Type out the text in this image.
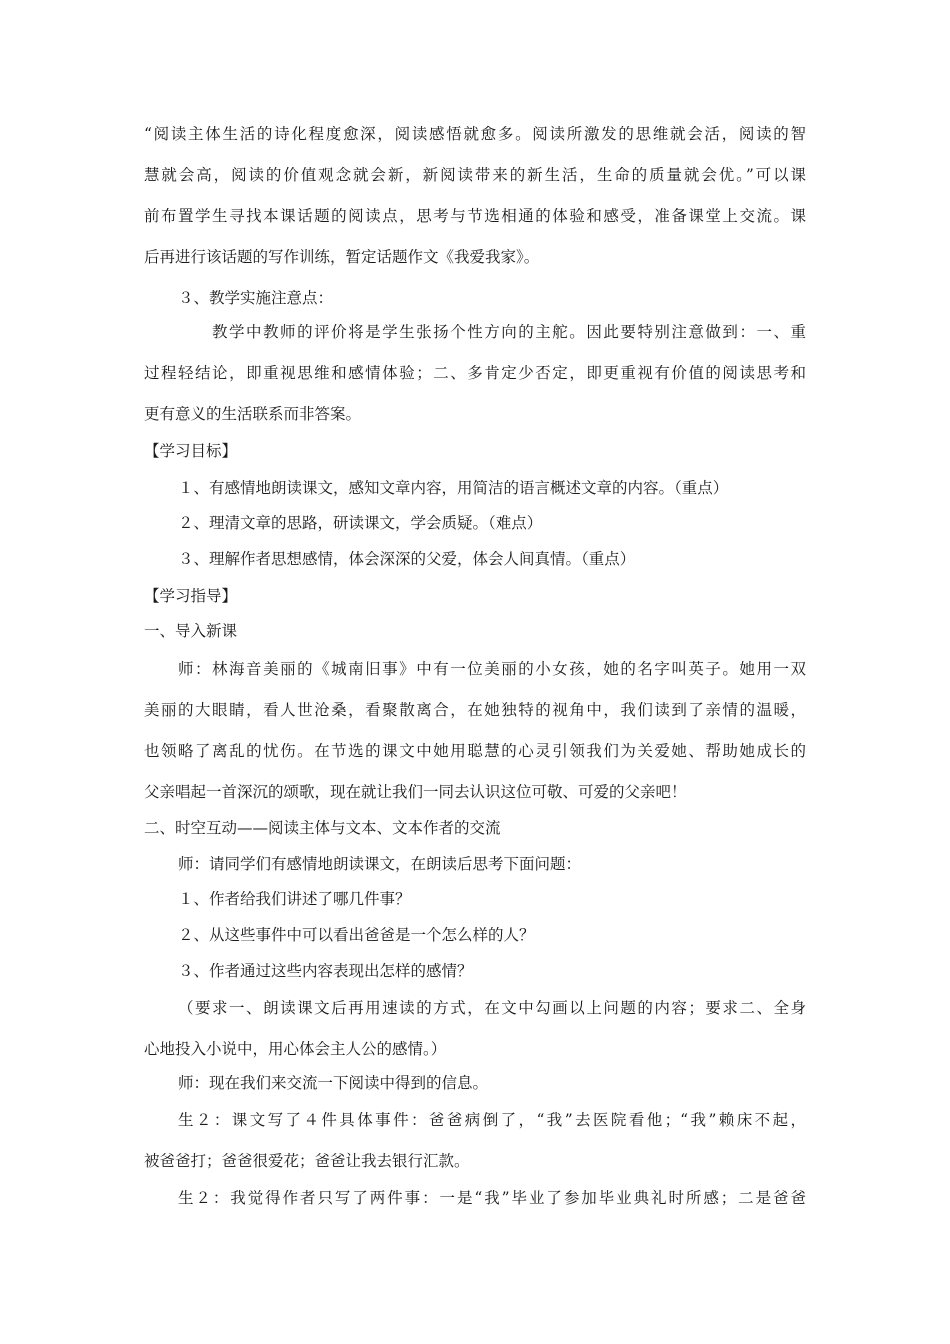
“阅读主体生活的诗化程度愈深，阅读感悟就愈多。阅读所激发的思维就会活，阅读的智

慧就会高，阅读的价值观念就会新，新阅读带来的新生活，生命的质量就会优。”可以课

前布置学生寻找本课话题的阅读点，思考与节选相通的体验和感受，准备课堂上交流。课

后再进行该话题的写作训练，暂定话题作文《我爱我家》。

３、教学实施注意点：

教学中教师的评价将是学生张扬个性方向的主舵。因此要特别注意做到：一、重

过程轻结论，即重视思维和感情体验；二、多肯定少否定，即更重视有价值的阅读思考和

更有意义的生活联系而非答案。

【学习目标】

１、有感情地朗读课文，感知文章内容，用简洁的语言概述文章的内容。（重点）

２、理清文章的思路，研读课文，学会质疑。（难点）

３、理解作者思想感情，体会深深的父爱，体会人间真情。（重点）

【学习指导】

一、导入新课

师：林海音美丽的《城南旧事》中有一位美丽的小女孩，她的名字叫英子。她用一双

美丽的大眼睛，看人世沧桑，看聚散离合，在她独特的视角中，我们读到了亲情的温暖，

也领略了离乱的忧伤。在节选的课文中她用聪慧的心灵引领我们为关爱她、帮助她成长的

父亲唱起一首深沉的颂歌，现在就让我们一同去认识这位可敬、可爱的父亲吧！

二、时空互动——阅读主体与文本、文本作者的交流

师：请同学们有感情地朗读课文，在朗读后思考下面问题：

１、作者给我们讲述了哪几件事？

２、从这些事件中可以看出爸爸是一个怎么样的人？

３、作者通过这些内容表现出怎样的感情？

（要求一、朗读课文后再用速读的方式，在文中勾画以上问题的内容；要求二、全身

心地投入小说中，用心体会主人公的感情。）

师：现在我们来交流一下阅读中得到的信息。

生２：课文写了４件具体事件：爸爸病倒了，“我”去医院看他；“我”赖床不起，

被爸爸打；爸爸很爱花；爸爸让我去银行汇款。

生２：我觉得作者只写了两件事：一是“我”毕业了参加毕业典礼时所感；二是爸爸
